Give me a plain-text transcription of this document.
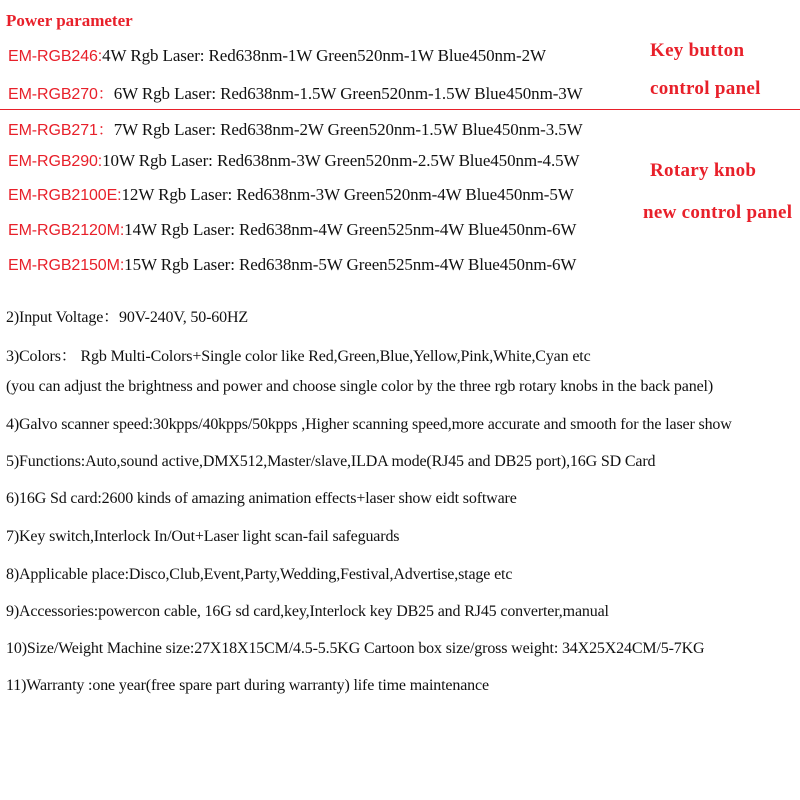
Power parameter
EM-RGB246:4W Rgb Laser: Red638nm-1W Green520nm-1W Blue450nm-2W
EM-RGB270：6W Rgb Laser: Red638nm-1.5W Green520nm-1.5W Blue450nm-3W
EM-RGB271：7W Rgb Laser: Red638nm-2W Green520nm-1.5W Blue450nm-3.5W
EM-RGB290:10W Rgb Laser: Red638nm-3W Green520nm-2.5W Blue450nm-4.5W
EM-RGB2100E:12W Rgb Laser: Red638nm-3W Green520nm-4W Blue450nm-5W
EM-RGB2120M:14W Rgb Laser: Red638nm-4W Green525nm-4W Blue450nm-6W
EM-RGB2150M:15W Rgb Laser: Red638nm-5W Green525nm-4W Blue450nm-6W
Key button
control panel
Rotary knob
new control panel
2)Input Voltage：90V-240V, 50-60HZ
3)Colors： Rgb Multi-Colors+Single color like Red,Green,Blue,Yellow,Pink,White,Cyan etc
(you can adjust the brightness and power and choose single color by the three rgb rotary knobs in the back panel)
4)Galvo scanner speed:30kpps/40kpps/50kpps ,Higher scanning speed,more accurate and smooth for the laser show
5)Functions:Auto,sound active,DMX512,Master/slave,ILDA mode(RJ45 and DB25 port),16G SD Card
6)16G Sd card:2600 kinds of amazing animation effects+laser show eidt software
7)Key switch,Interlock In/Out+Laser light scan-fail safeguards
8)Applicable place:Disco,Club,Event,Party,Wedding,Festival,Advertise,stage etc
9)Accessories:powercon cable, 16G sd card,key,Interlock key DB25 and RJ45 converter,manual
10)Size/Weight Machine size:27X18X15CM/4.5-5.5KG Cartoon box size/gross weight: 34X25X24CM/5-7KG
11)Warranty :one year(free spare part during warranty) life time maintenance
